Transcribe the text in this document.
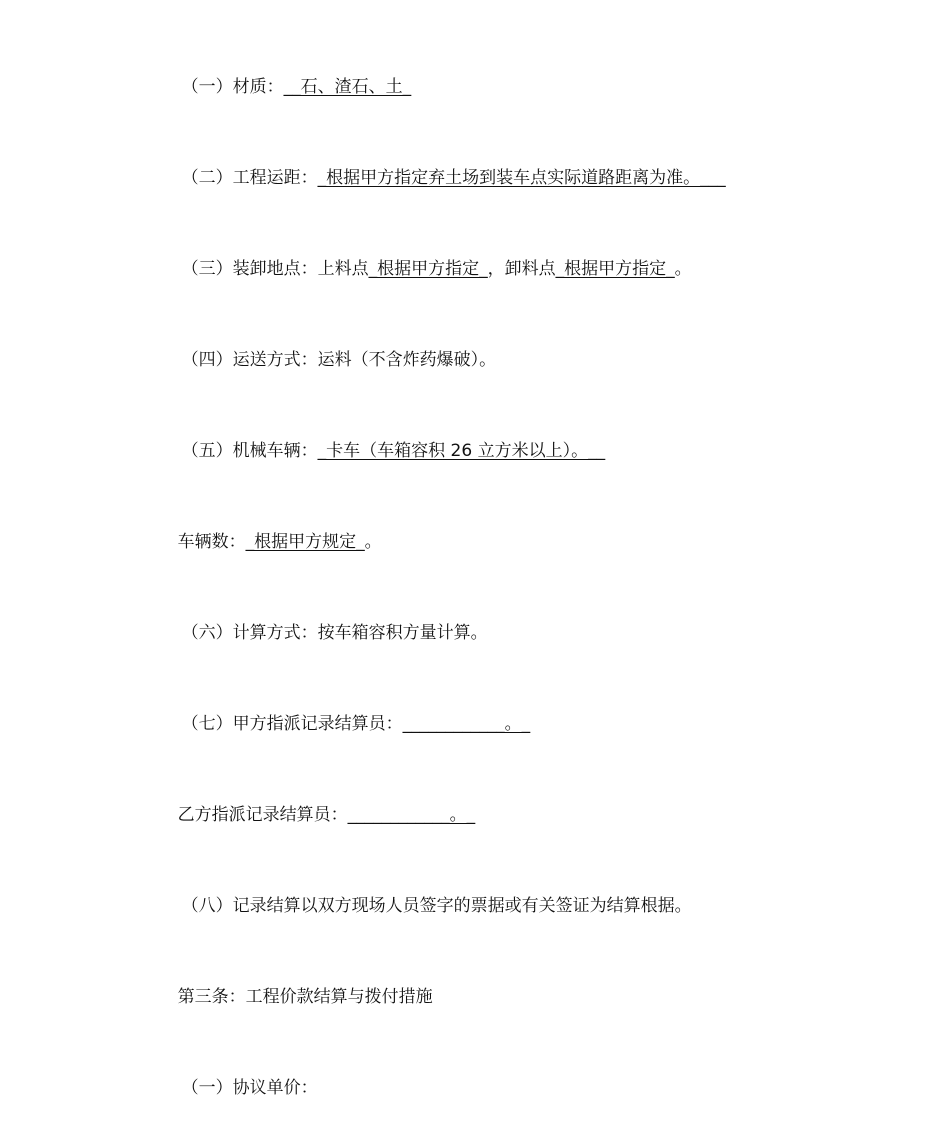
（一）材质：__石、渣石、土_

（二）工程运距：_根据甲方指定弃土场到装车点实际道路距离为准。___

（三）装卸地点：上料点_根据甲方指定_，卸料点_根据甲方指定_。

（四）运送方式：运料（不含炸药爆破）。

（五）机械车辆：_卡车（车箱容积 26 立方米以上）。__

车辆数：_根据甲方规定_。

（六）计算方式：按车箱容积方量计算。

（七）甲方指派记录结算员：____________。_

乙方指派记录结算员：____________。_

（八）记录结算以双方现场人员签字的票据或有关签证为结算根据。

第三条：工程价款结算与拨付措施

（一）协议单价：
